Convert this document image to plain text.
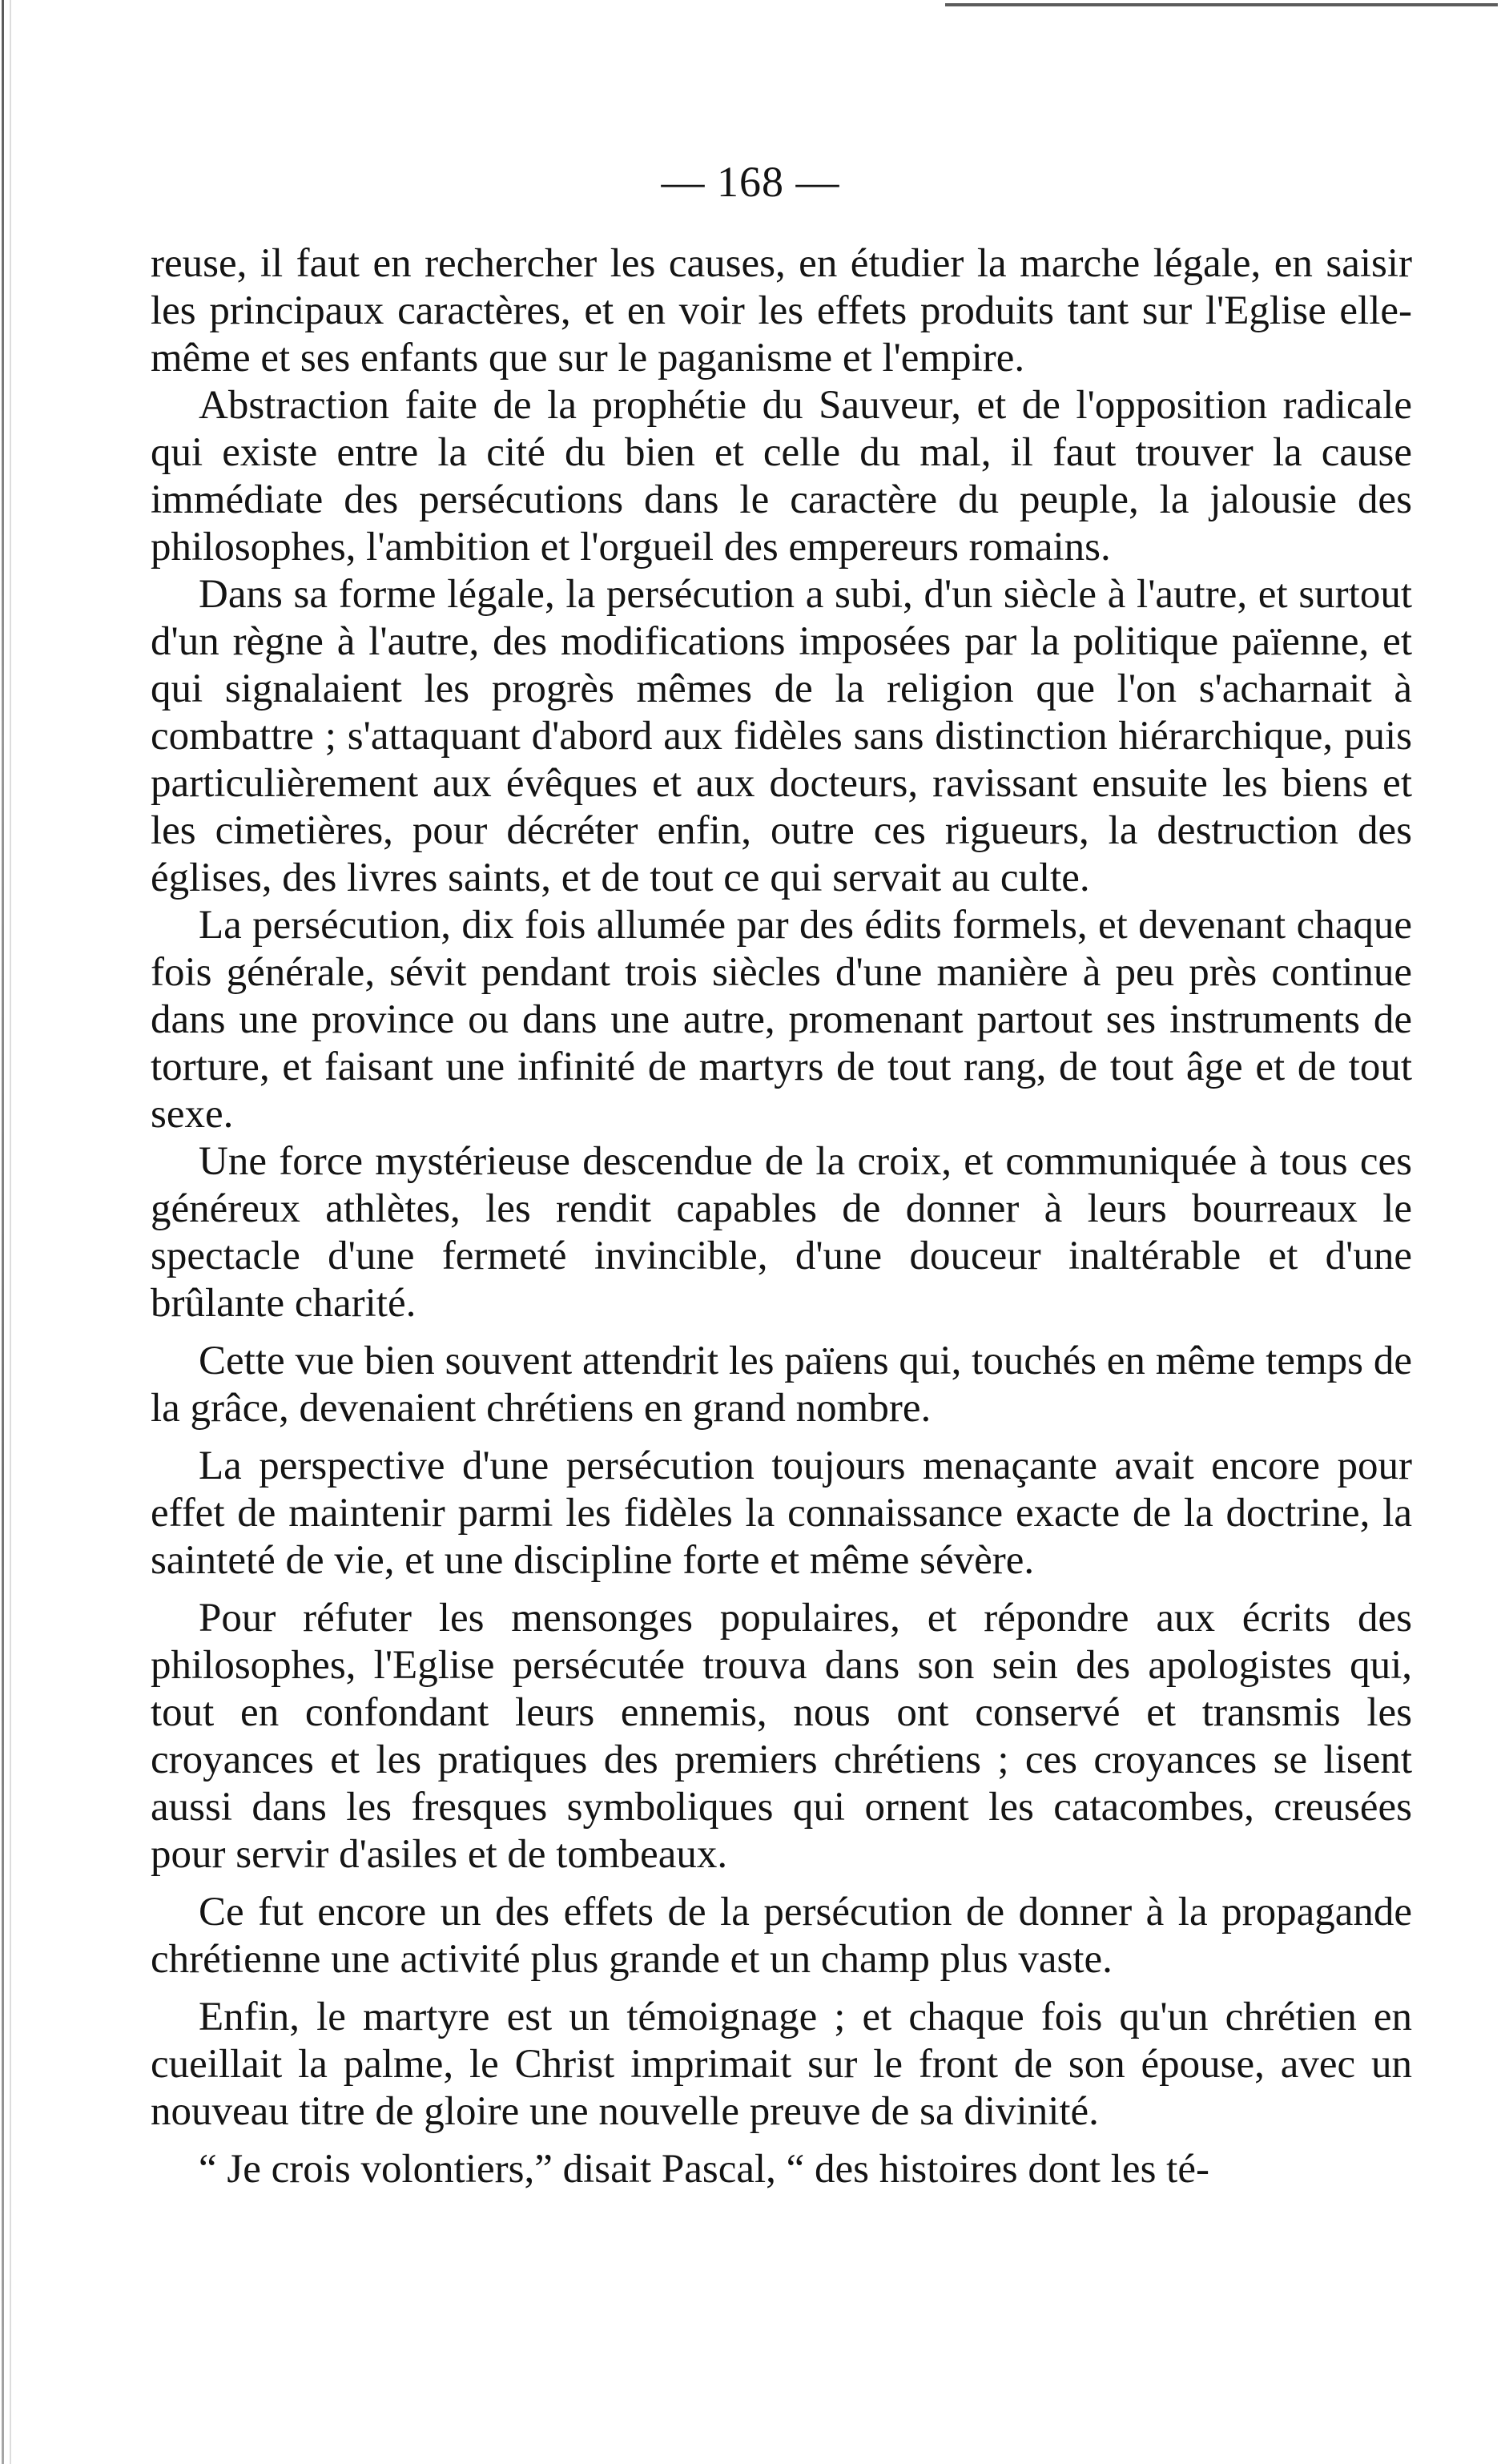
— 168 —

reuse, il faut en rechercher les causes, en étudier la marche légale, en saisir les principaux caractères, et en voir les effets produits tant sur l'Eglise elle-même et ses enfants que sur le paganisme et l'empire.

Abstraction faite de la prophétie du Sauveur, et de l'opposition radicale qui existe entre la cité du bien et celle du mal, il faut trouver la cause immédiate des persécutions dans le caractère du peuple, la jalousie des philosophes, l'ambition et l'orgueil des empereurs romains.

Dans sa forme légale, la persécution a subi, d'un siècle à l'autre, et surtout d'un règne à l'autre, des modifications imposées par la politique païenne, et qui signalaient les progrès mêmes de la religion que l'on s'acharnait à combattre ; s'attaquant d'abord aux fidèles sans distinction hiérarchique, puis particulièrement aux évêques et aux docteurs, ravissant ensuite les biens et les cimetières, pour décréter enfin, outre ces rigueurs, la destruction des églises, des livres saints, et de tout ce qui servait au culte.

La persécution, dix fois allumée par des édits formels, et devenant chaque fois générale, sévit pendant trois siècles d'une manière à peu près continue dans une province ou dans une autre, promenant partout ses instruments de torture, et faisant une infinité de martyrs de tout rang, de tout âge et de tout sexe.

Une force mystérieuse descendue de la croix, et communiquée à tous ces généreux athlètes, les rendit capables de donner à leurs bourreaux le spectacle d'une fermeté invincible, d'une douceur inaltérable et d'une brûlante charité.

Cette vue bien souvent attendrit les païens qui, touchés en même temps de la grâce, devenaient chrétiens en grand nombre.

La perspective d'une persécution toujours menaçante avait encore pour effet de maintenir parmi les fidèles la connaissance exacte de la doctrine, la sainteté de vie, et une discipline forte et même sévère.

Pour réfuter les mensonges populaires, et répondre aux écrits des philosophes, l'Eglise persécutée trouva dans son sein des apologistes qui, tout en confondant leurs ennemis, nous ont conservé et transmis les croyances et les pratiques des premiers chrétiens ; ces croyances se lisent aussi dans les fresques symboliques qui ornent les catacombes, creusées pour servir d'asiles et de tombeaux.

Ce fut encore un des effets de la persécution de donner à la propagande chrétienne une activité plus grande et un champ plus vaste.

Enfin, le martyre est un témoignage ; et chaque fois qu'un chrétien en cueillait la palme, le Christ imprimait sur le front de son épouse, avec un nouveau titre de gloire une nouvelle preuve de sa divinité.

“ Je crois volontiers,” disait Pascal, “ des histoires dont les té-
